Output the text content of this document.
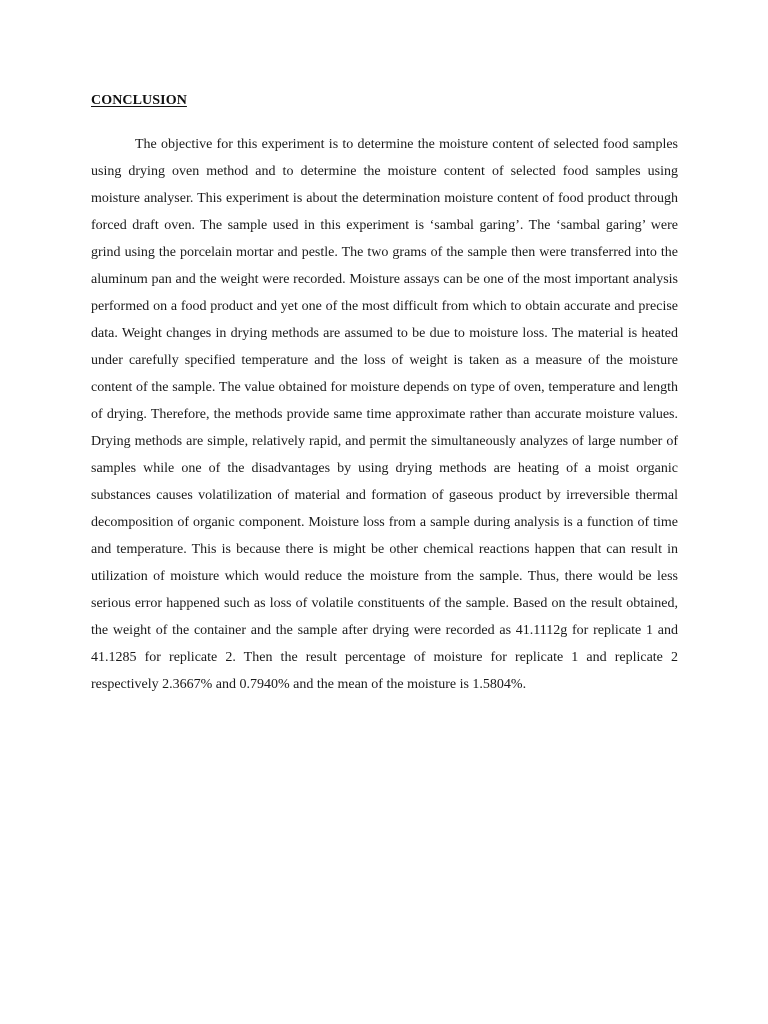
CONCLUSION

The objective for this experiment is to determine the moisture content of selected food samples using drying oven method and to determine the moisture content of selected food samples using moisture analyser. This experiment is about the determination moisture content of food product through forced draft oven. The sample used in this experiment is ‘sambal garing’. The ‘sambal garing’ were grind using the porcelain mortar and pestle. The two grams of the sample then were transferred into the aluminum pan and the weight were recorded. Moisture assays can be one of the most important analysis performed on a food product and yet one of the most difficult from which to obtain accurate and precise data. Weight changes in drying methods are assumed to be due to moisture loss. The material is heated under carefully specified temperature and the loss of weight is taken as a measure of the moisture content of the sample. The value obtained for moisture depends on type of oven, temperature and length of drying. Therefore, the methods provide same time approximate rather than accurate moisture values. Drying methods are simple, relatively rapid, and permit the simultaneously analyzes of large number of samples while one of the disadvantages by using drying methods are heating of a moist organic substances causes volatilization of material and formation of gaseous product by irreversible thermal decomposition of organic component. Moisture loss from a sample during analysis is a function of time and temperature. This is because there is might be other chemical reactions happen that can result in utilization of moisture which would reduce the moisture from the sample. Thus, there would be less serious error happened such as loss of volatile constituents of the sample. Based on the result obtained, the weight of the container and the sample after drying were recorded as 41.1112g for replicate 1 and 41.1285 for replicate 2. Then the result percentage of moisture for replicate 1 and replicate 2 respectively 2.3667% and 0.7940% and the mean of the moisture is 1.5804%.
